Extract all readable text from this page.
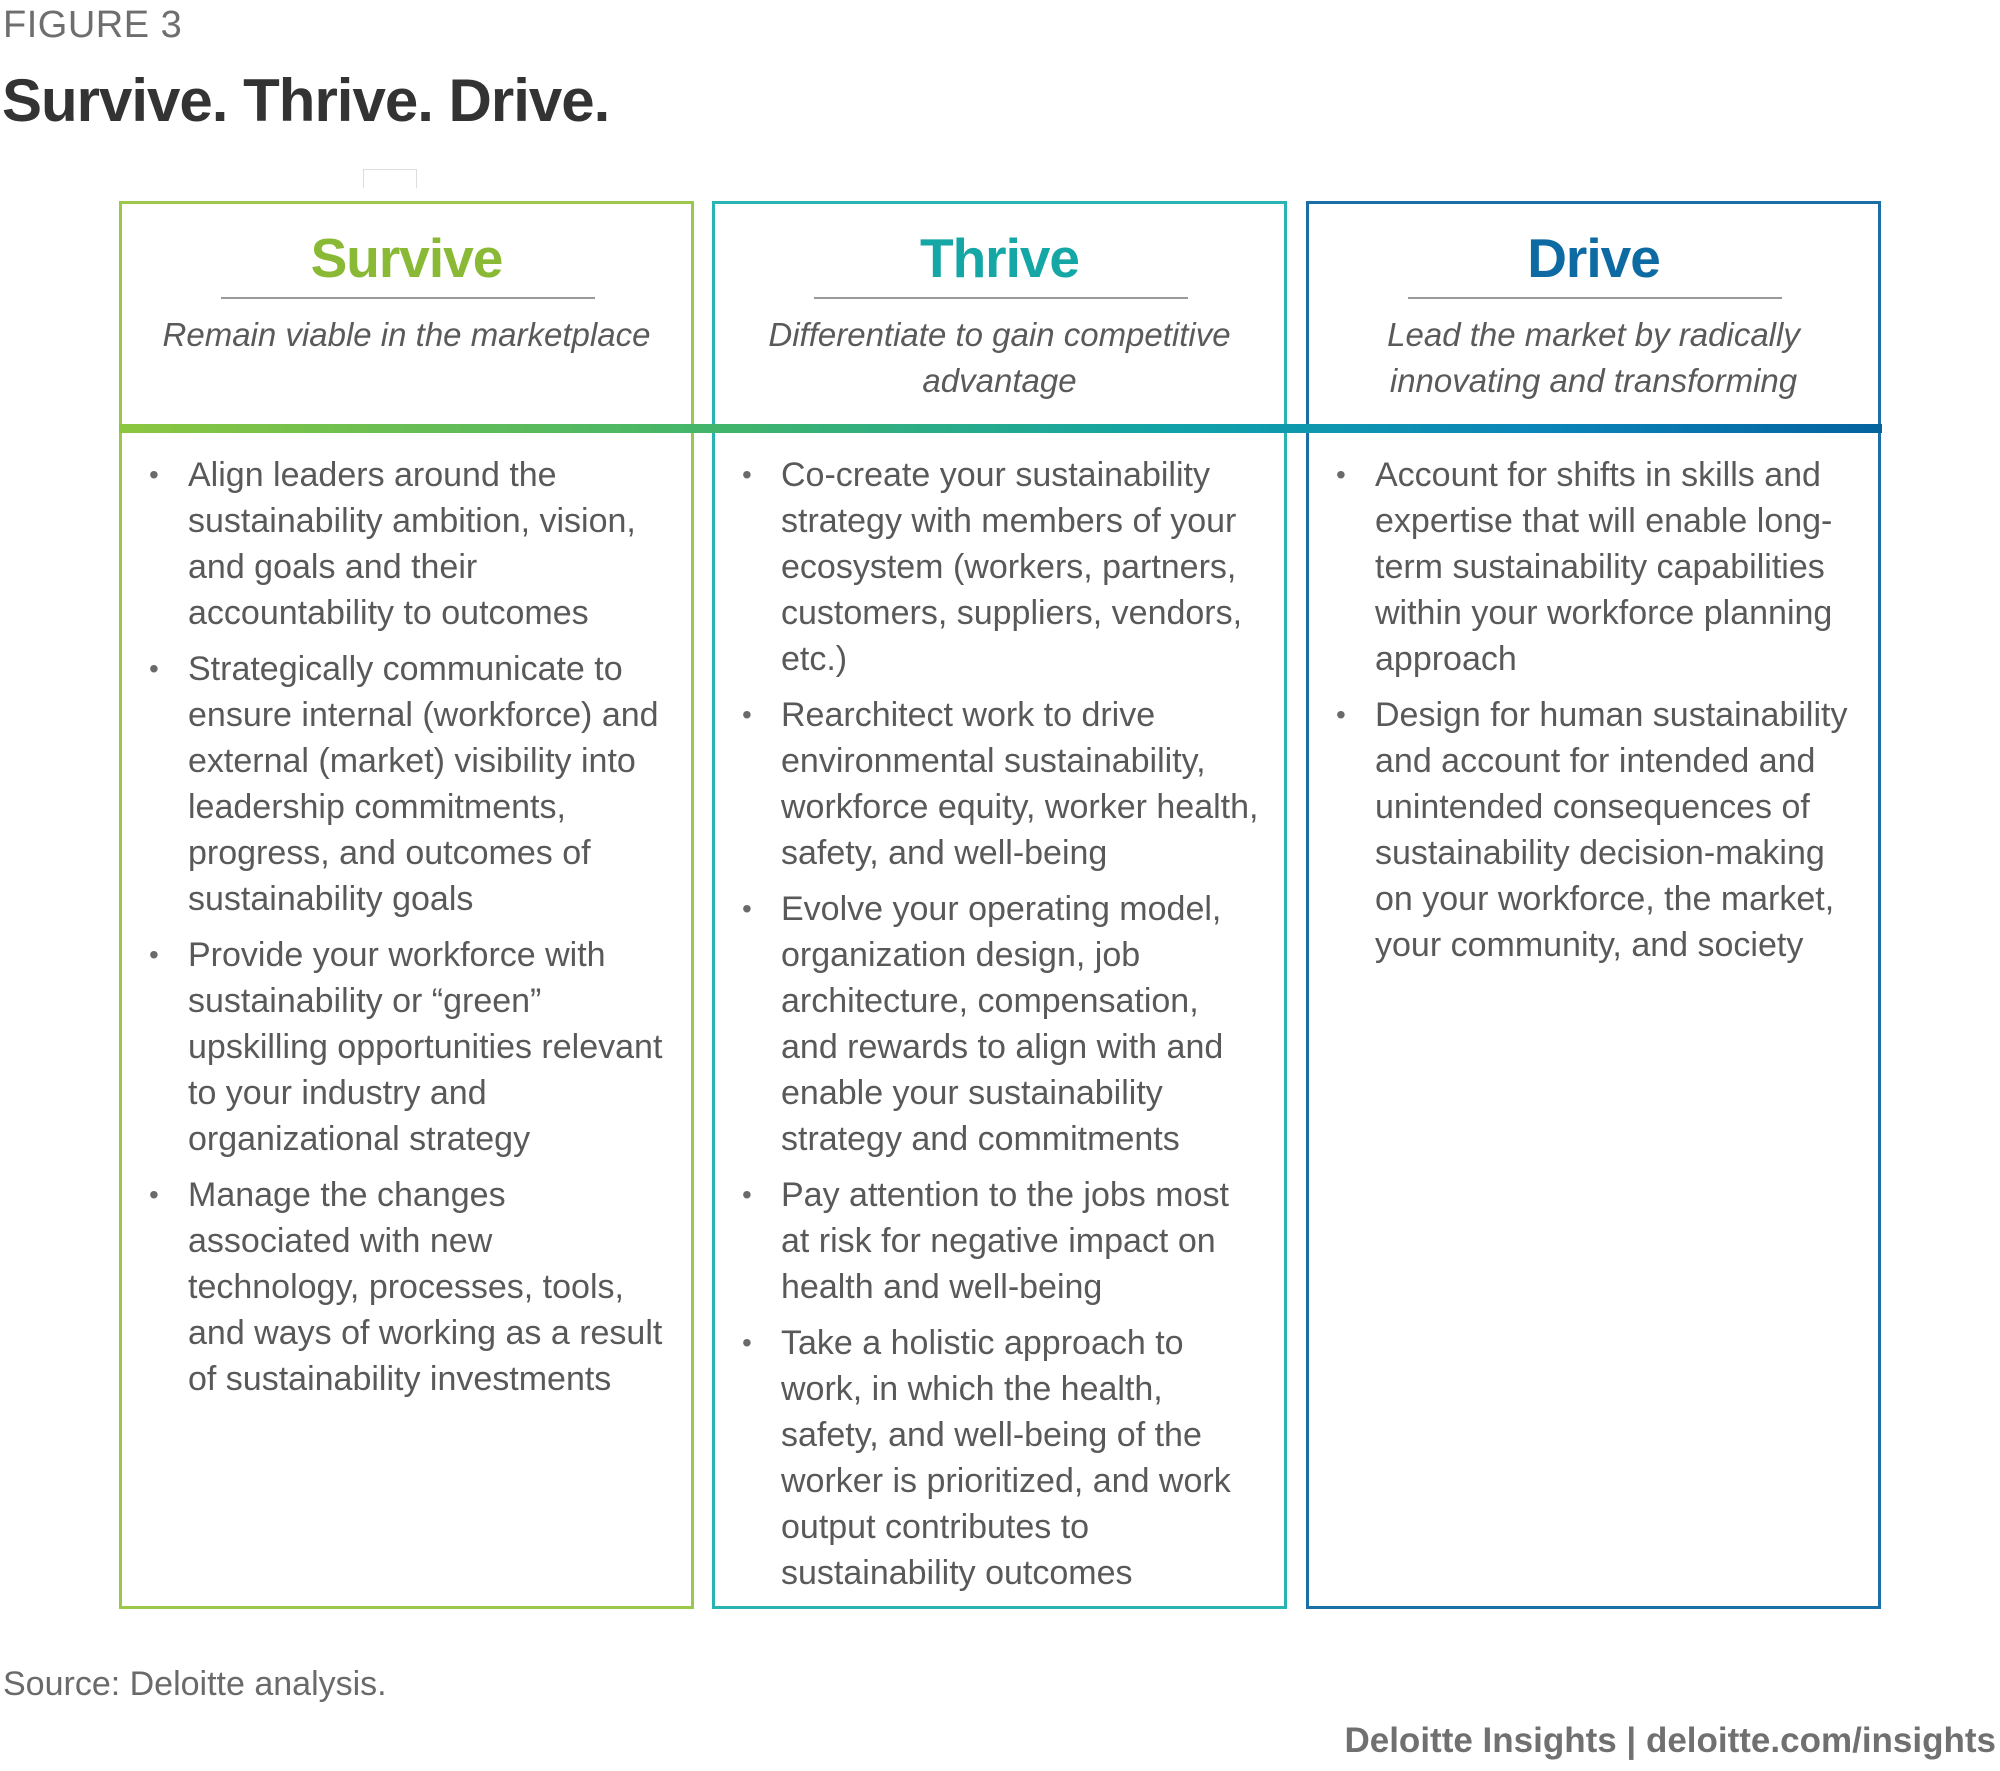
FIGURE 3
Survive. Thrive. Drive.
Survive
Remain viable in the marketplace
• Align leaders around the sustainability ambition, vision, and goals and their accountability to outcomes
• Strategically communicate to ensure internal (workforce) and external (market) visibility into leadership commitments, progress, and outcomes of sustainability goals
• Provide your workforce with sustainability or “green” upskilling opportunities relevant to your industry and organizational strategy
• Manage the changes associated with new technology, processes, tools, and ways of working as a result of sustainability investments
Thrive
Differentiate to gain competitive advantage
• Co-create your sustainability strategy with members of your ecosystem (workers, partners, customers, suppliers, vendors, etc.)
• Rearchitect work to drive environmental sustainability, workforce equity, worker health, safety, and well-being
• Evolve your operating model, organization design, job architecture, compensation, and rewards to align with and enable your sustainability strategy and commitments
• Pay attention to the jobs most at risk for negative impact on health and well-being
• Take a holistic approach to work, in which the health, safety, and well-being of the worker is prioritized, and work output contributes to sustainability outcomes
Drive
Lead the market by radically innovating and transforming
• Account for shifts in skills and expertise that will enable long-term sustainability capabilities within your workforce planning approach
• Design for human sustainability and account for intended and unintended consequences of sustainability decision-making on your workforce, the market, your community, and society
Source: Deloitte analysis.
Deloitte Insights | deloitte.com/insights
